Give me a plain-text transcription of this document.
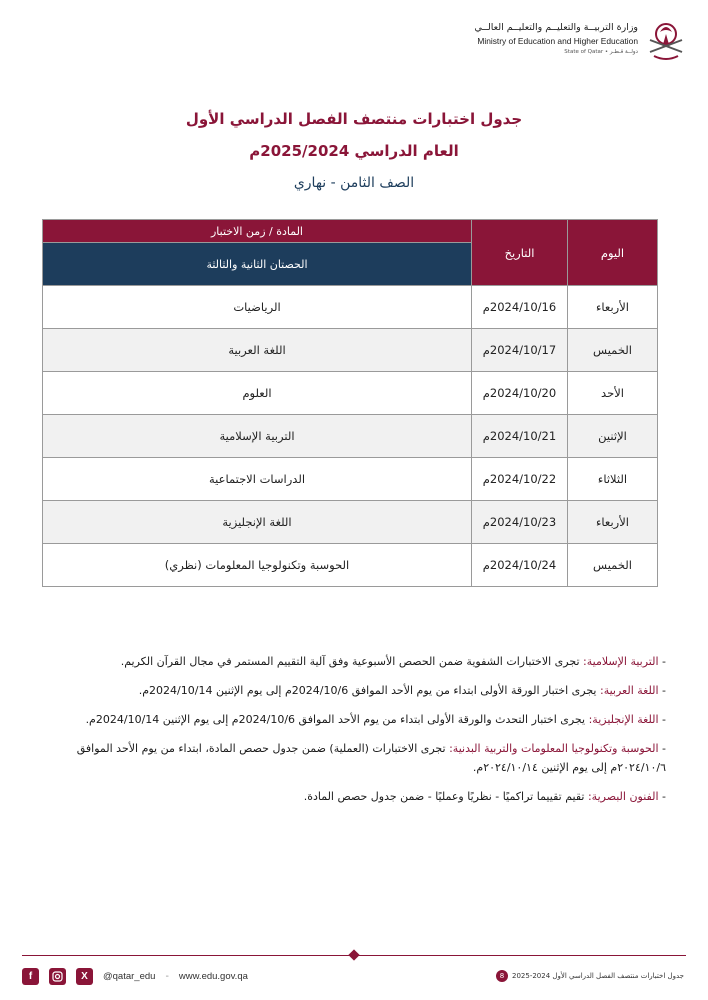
وزارة التربيــة والتعليــم والتعليــم العالــي
Ministry of Education and Higher Education
State of Qatar • دولــة قـطـر

جدول اختبارات منتصف الفصل الدراسي الأول

العام الدراسي 2025/2024م

الصف الثامن - نهاري

اليوم	التاريخ	المادة / زمن الاختبار
		الحصتان الثانية والثالثة
الأربعاء	2024/10/16م	الرياضيات
الخميس	2024/10/17م	اللغة العربية
الأحد	2024/10/20م	العلوم
الإثنين	2024/10/21م	التربية الإسلامية
الثلاثاء	2024/10/22م	الدراسات الاجتماعية
الأربعاء	2024/10/23م	اللغة الإنجليزية
الخميس	2024/10/24م	الحوسبة وتكنولوجيا المعلومات (نظري)

- التربية الإسلامية: تجرى الاختبارات الشفوية ضمن الحصص الأسبوعية وفق آلية التقييم المستمر في مجال القرآن الكريم.

- اللغة العربية: يجرى اختبار الورقة الأولى ابتداء من يوم الأحد الموافق 2024/10/6م إلى يوم الإثنين 2024/10/14م.

- اللغة الإنجليزية: يجرى اختبار التحدث والورقة الأولى ابتداء من يوم الأحد الموافق 2024/10/6م إلى يوم الإثنين 2024/10/14م.

- الحوسبة وتكنولوجيا المعلومات والتربية البدنية: تجرى الاختبارات (العملية) ضمن جدول حصص المادة، ابتداء من يوم الأحد الموافق ٢٠٢٤/١٠/٦م إلى يوم الإثنين ٢٠٢٤/١٠/١٤م.

- الفنون البصرية: تقيم تقييما تراكميًا - نظريًا وعمليًا - ضمن جدول حصص المادة.

f	X	@qatar_edu - www.edu.gov.qa	جدول اختبارات منتصف الفصل الدراسي الأول 2024-2025
8
